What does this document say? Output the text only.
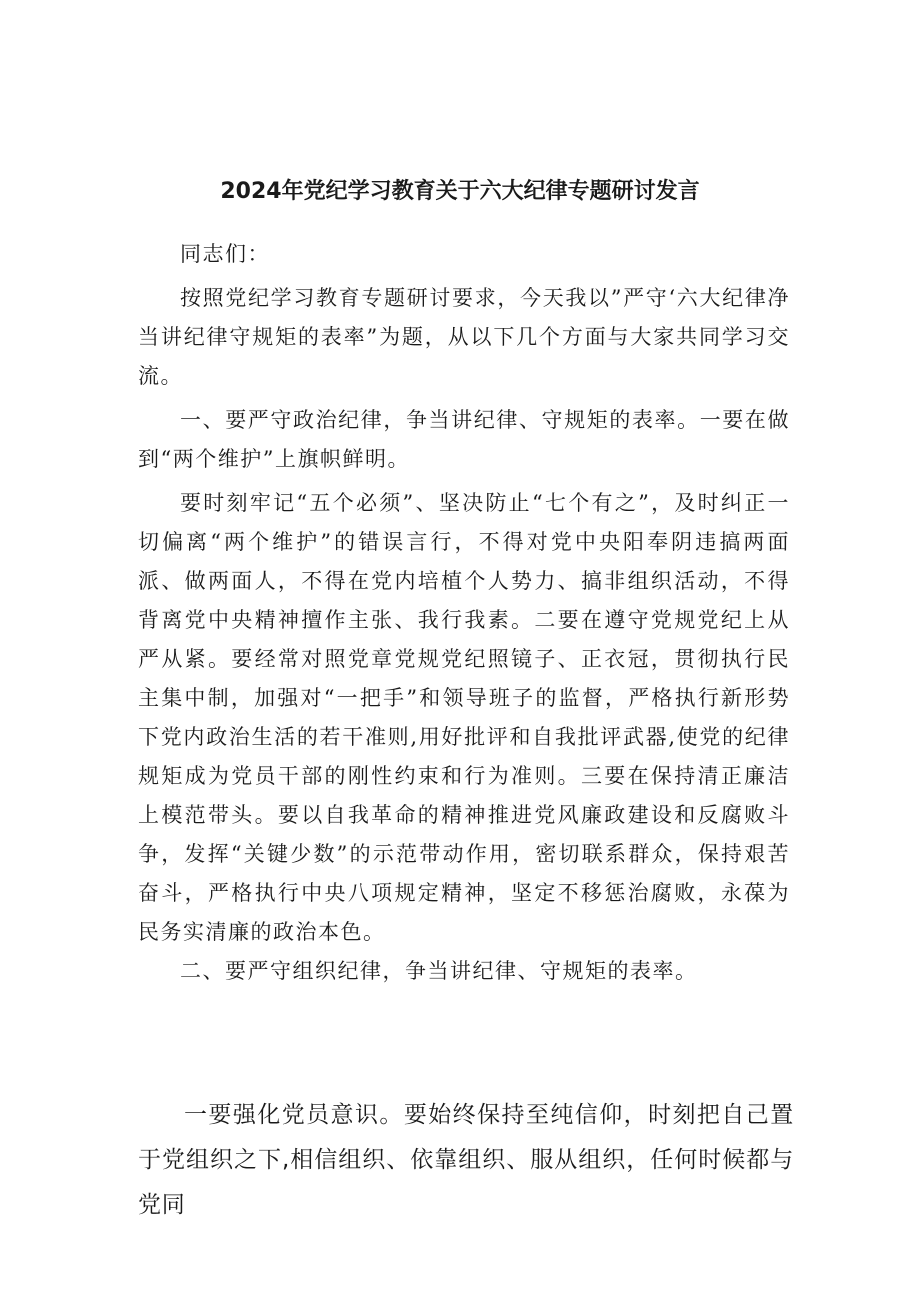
2024年党纪学习教育关于六大纪律专题研讨发言

同志们：

按照党纪学习教育专题研讨要求，今天我以”严守‘六大纪律净当讲纪律守规矩的表率”为题，从以下几个方面与大家共同学习交流。

一、要严守政治纪律，争当讲纪律、守规矩的表率。一要在做到“两个维护”上旗帜鲜明。

要时刻牢记“五个必须”、坚决防止“七个有之”，及时纠正一切偏离“两个维护”的错误言行，不得对党中央阳奉阴违搞两面派、做两面人，不得在党内培植个人势力、搞非组织活动，不得背离党中央精神擅作主张、我行我素。二要在遵守党规党纪上从严从紧。要经常对照党章党规党纪照镜子、正衣冠，贯彻执行民主集中制，加强对“一把手”和领导班子的监督，严格执行新形势下党内政治生活的若干准则,用好批评和自我批评武器,使党的纪律规矩成为党员干部的刚性约束和行为准则。三要在保持清正廉洁上模范带头。要以自我革命的精神推进党风廉政建设和反腐败斗争，发挥“关键少数”的示范带动作用，密切联系群众，保持艰苦奋斗，严格执行中央八项规定精神，坚定不移惩治腐败，永葆为民务实清廉的政治本色。

二、要严守组织纪律，争当讲纪律、守规矩的表率。

一要强化党员意识。要始终保持至纯信仰，时刻把自己置于党组织之下,相信组织、依靠组织、服从组织，任何时候都与党同
